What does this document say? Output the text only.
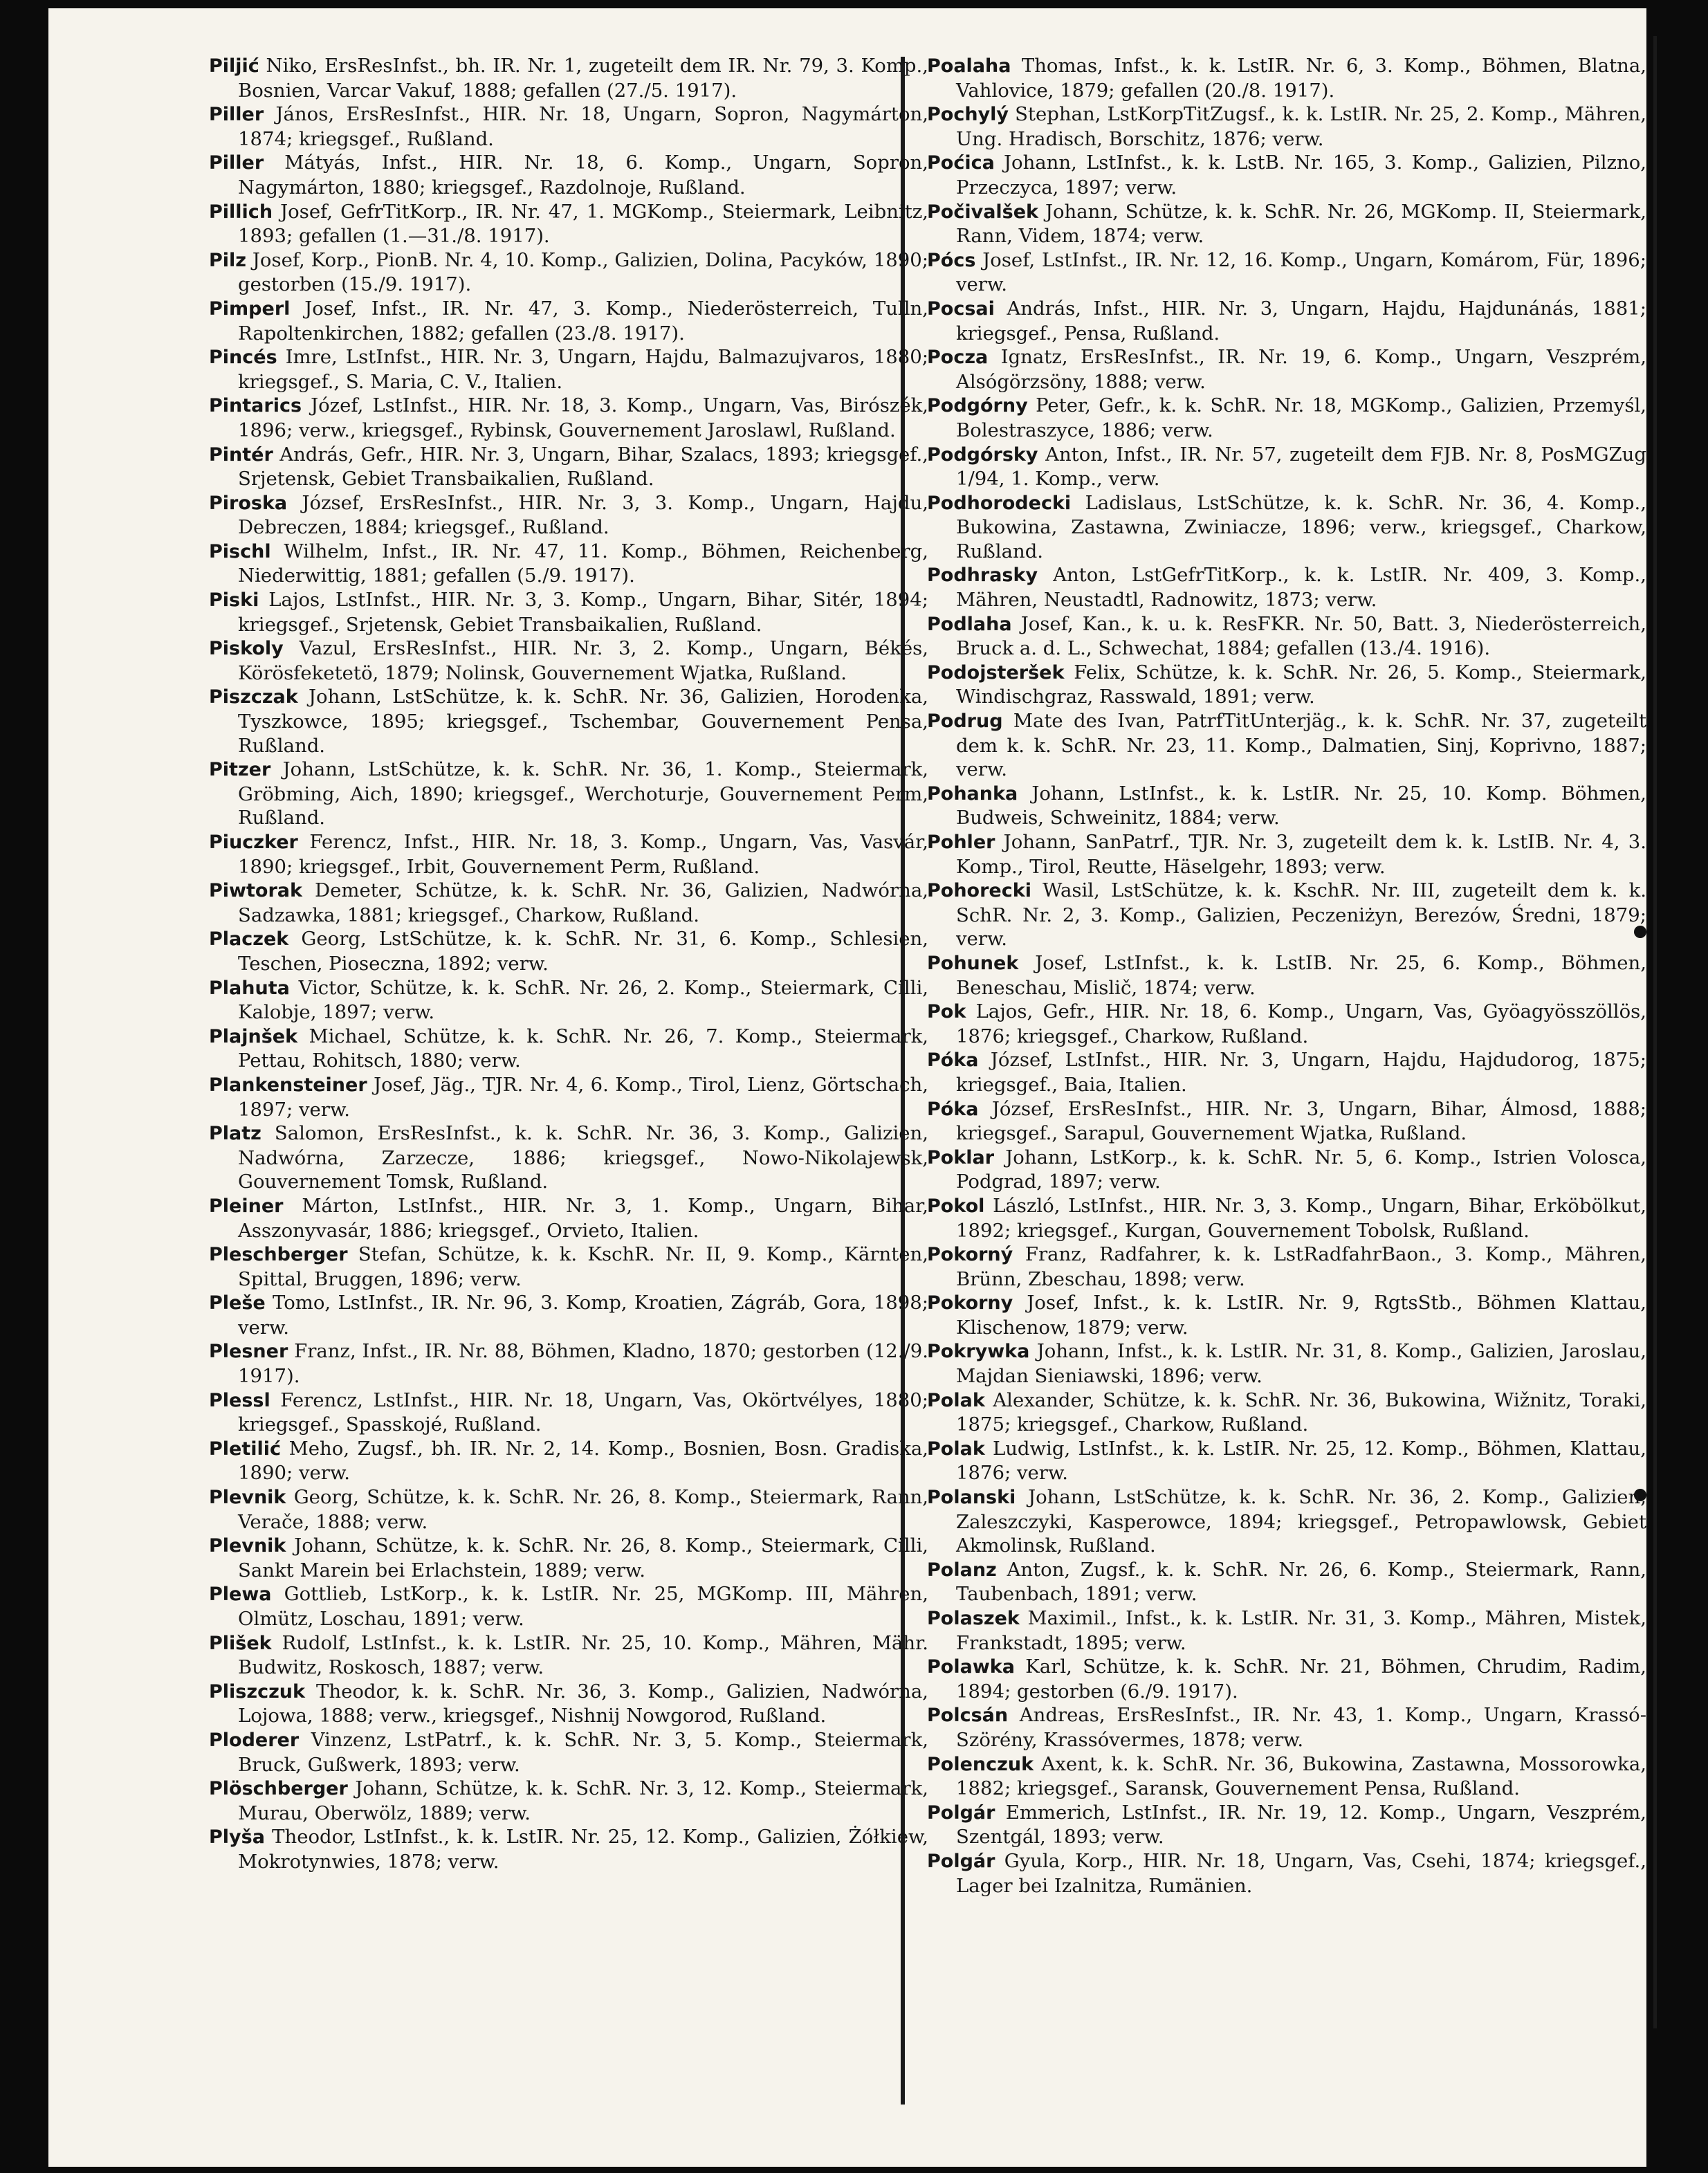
Piljić Niko, ErsResInfst., bh. IR. Nr. 1, zugeteilt dem IR. Nr. 79, 3. Komp., Bosnien, Varcar Vakuf, 1888; gefallen (27./5. 1917).

Piller János, ErsResInfst., HIR. Nr. 18, Ungarn, Sopron, Nagymárton, 1874; kriegsgef., Rußland.

Piller Mátyás, Infst., HIR. Nr. 18, 6. Komp., Ungarn, Sopron, Nagymárton, 1880; kriegsgef., Razdolnoje, Rußland.

Pillich Josef, GefrTitKorp., IR. Nr. 47, 1. MGKomp., Steiermark, Leibnitz, 1893; gefallen (1.—31./8. 1917).

Pilz Josef, Korp., PionB. Nr. 4, 10. Komp., Galizien, Dolina, Pacyków, 1890; gestorben (15./9. 1917).

Pimperl Josef, Infst., IR. Nr. 47, 3. Komp., Niederösterreich, Tulln, Rapoltenkirchen, 1882; gefallen (23./8. 1917).

Pincés Imre, LstInfst., HIR. Nr. 3, Ungarn, Hajdu, Balmazujvaros, 1880; kriegsgef., S. Maria, C. V., Italien.

Pintarics Józef, LstInfst., HIR. Nr. 18, 3. Komp., Ungarn, Vas, Birószék, 1896; verw., kriegsgef., Rybinsk, Gouvernement Jaroslawl, Rußland.

Pintér András, Gefr., HIR. Nr. 3, Ungarn, Bihar, Szalacs, 1893; kriegsgef., Srjetensk, Gebiet Transbaikalien, Rußland.

Piroska József, ErsResInfst., HIR. Nr. 3, 3. Komp., Ungarn, Hajdu, Debreczen, 1884; kriegsgef., Rußland.

Pischl Wilhelm, Infst., IR. Nr. 47, 11. Komp., Böhmen, Reichenberg, Niederwittig, 1881; gefallen (5./9. 1917).

Piski Lajos, LstInfst., HIR. Nr. 3, 3. Komp., Ungarn, Bihar, Sitér, 1894; kriegsgef., Srjetensk, Gebiet Transbaikalien, Rußland.

Piskoly Vazul, ErsResInfst., HIR. Nr. 3, 2. Komp., Ungarn, Békés, Körösfeketetö, 1879; Nolinsk, Gouvernement Wjatka, Rußland.

Piszczak Johann, LstSchütze, k. k. SchR. Nr. 36, Galizien, Horodenka, Tyszkowce, 1895; kriegsgef., Tschembar, Gouvernement Pensa, Rußland.

Pitzer Johann, LstSchütze, k. k. SchR. Nr. 36, 1. Komp., Steiermark, Gröbming, Aich, 1890; kriegsgef., Werchoturje, Gouvernement Perm, Rußland.

Piuczker Ferencz, Infst., HIR. Nr. 18, 3. Komp., Ungarn, Vas, Vasvár, 1890; kriegsgef., Irbit, Gouvernement Perm, Rußland.

Piwtorak Demeter, Schütze, k. k. SchR. Nr. 36, Galizien, Nadwórna, Sadzawka, 1881; kriegsgef., Charkow, Rußland.

Placzek Georg, LstSchütze, k. k. SchR. Nr. 31, 6. Komp., Schlesien, Teschen, Pioseczna, 1892; verw.

Plahuta Victor, Schütze, k. k. SchR. Nr. 26, 2. Komp., Steiermark, Cilli, Kalobje, 1897; verw.

Plajnšek Michael, Schütze, k. k. SchR. Nr. 26, 7. Komp., Steiermark, Pettau, Rohitsch, 1880; verw.

Plankensteiner Josef, Jäg., TJR. Nr. 4, 6. Komp., Tirol, Lienz, Görtschach, 1897; verw.

Platz Salomon, ErsResInfst., k. k. SchR. Nr. 36, 3. Komp., Galizien, Nadwórna, Zarzecze, 1886; kriegsgef., Nowo-Nikolajewsk, Gouvernement Tomsk, Rußland.

Pleiner Márton, LstInfst., HIR. Nr. 3, 1. Komp., Ungarn, Bihar, Asszonyvasár, 1886; kriegsgef., Orvieto, Italien.

Pleschberger Stefan, Schütze, k. k. KschR. Nr. II, 9. Komp., Kärnten, Spittal, Bruggen, 1896; verw.

Pleše Tomo, LstInfst., IR. Nr. 96, 3. Komp, Kroatien, Zágráb, Gora, 1898; verw.

Plesner Franz, Infst., IR. Nr. 88, Böhmen, Kladno, 1870; gestorben (12./9. 1917).

Plessl Ferencz, LstInfst., HIR. Nr. 18, Ungarn, Vas, Okörtvélyes, 1880; kriegsgef., Spasskojé, Rußland.

Pletilić Meho, Zugsf., bh. IR. Nr. 2, 14. Komp., Bosnien, Bosn. Gradiska, 1890; verw.

Plevnik Georg, Schütze, k. k. SchR. Nr. 26, 8. Komp., Steiermark, Rann, Verače, 1888; verw.

Plevnik Johann, Schütze, k. k. SchR. Nr. 26, 8. Komp., Steiermark, Cilli, Sankt Marein bei Erlachstein, 1889; verw.

Plewa Gottlieb, LstKorp., k. k. LstIR. Nr. 25, MGKomp. III, Mähren, Olmütz, Loschau, 1891; verw.

Plišek Rudolf, LstInfst., k. k. LstIR. Nr. 25, 10. Komp., Mähren, Mähr. Budwitz, Roskosch, 1887; verw.

Pliszczuk Theodor, k. k. SchR. Nr. 36, 3. Komp., Galizien, Nadwórna, Lojowa, 1888; verw., kriegsgef., Nishnij Nowgorod, Rußland.

Ploderer Vinzenz, LstPatrf., k. k. SchR. Nr. 3, 5. Komp., Steiermark, Bruck, Gußwerk, 1893; verw.

Plöschberger Johann, Schütze, k. k. SchR. Nr. 3, 12. Komp., Steiermark, Murau, Oberwölz, 1889; verw.

Plyša Theodor, LstInfst., k. k. LstIR. Nr. 25, 12. Komp., Galizien, Żółkiew, Mokrotynwies, 1878; verw.

Poalaha Thomas, Infst., k. k. LstIR. Nr. 6, 3. Komp., Böhmen, Blatna, Vahlovice, 1879; gefallen (20./8. 1917).

Pochylý Stephan, LstKorpTitZugsf., k. k. LstIR. Nr. 25, 2. Komp., Mähren, Ung. Hradisch, Borschitz, 1876; verw.

Poćica Johann, LstInfst., k. k. LstB. Nr. 165, 3. Komp., Galizien, Pilzno, Przeczyca, 1897; verw.

Počivalšek Johann, Schütze, k. k. SchR. Nr. 26, MGKomp. II, Steiermark, Rann, Videm, 1874; verw.

Pócs Josef, LstInfst., IR. Nr. 12, 16. Komp., Ungarn, Komárom, Für, 1896; verw.

Pocsai András, Infst., HIR. Nr. 3, Ungarn, Hajdu, Hajdunánás, 1881; kriegsgef., Pensa, Rußland.

Pocza Ignatz, ErsResInfst., IR. Nr. 19, 6. Komp., Ungarn, Veszprém, Alsógörzsöny, 1888; verw.

Podgórny Peter, Gefr., k. k. SchR. Nr. 18, MGKomp., Galizien, Przemyśl, Bolestraszyce, 1886; verw.

Podgórsky Anton, Infst., IR. Nr. 57, zugeteilt dem FJB. Nr. 8, PosMGZug 1/94, 1. Komp., verw.

Podhorodecki Ladislaus, LstSchütze, k. k. SchR. Nr. 36, 4. Komp., Bukowina, Zastawna, Zwiniacze, 1896; verw., kriegsgef., Charkow, Rußland.

Podhrasky Anton, LstGefrTitKorp., k. k. LstIR. Nr. 409, 3. Komp., Mähren, Neustadtl, Radnowitz, 1873; verw.

Podlaha Josef, Kan., k. u. k. ResFKR. Nr. 50, Batt. 3, Niederösterreich, Bruck a. d. L., Schwechat, 1884; gefallen (13./4. 1916).

Podojsteršek Felix, Schütze, k. k. SchR. Nr. 26, 5. Komp., Steiermark, Windischgraz, Rasswald, 1891; verw.

Podrug Mate des Ivan, PatrfTitUnterjäg., k. k. SchR. Nr. 37, zugeteilt dem k. k. SchR. Nr. 23, 11. Komp., Dalmatien, Sinj, Koprivno, 1887; verw.

Pohanka Johann, LstInfst., k. k. LstIR. Nr. 25, 10. Komp. Böhmen, Budweis, Schweinitz, 1884; verw.

Pohler Johann, SanPatrf., TJR. Nr. 3, zugeteilt dem k. k. LstIB. Nr. 4, 3. Komp., Tirol, Reutte, Häselgehr, 1893; verw.

Pohorecki Wasil, LstSchütze, k. k. KschR. Nr. III, zugeteilt dem k. k. SchR. Nr. 2, 3. Komp., Galizien, Peczeniżyn, Berezów, Średni, 1879; verw.

Pohunek Josef, LstInfst., k. k. LstIB. Nr. 25, 6. Komp., Böhmen, Beneschau, Mislič, 1874; verw.

Pok Lajos, Gefr., HIR. Nr. 18, 6. Komp., Ungarn, Vas, Gyöagyösszöllös, 1876; kriegsgef., Charkow, Rußland.

Póka József, LstInfst., HIR. Nr. 3, Ungarn, Hajdu, Hajdudorog, 1875; kriegsgef., Baia, Italien.

Póka József, ErsResInfst., HIR. Nr. 3, Ungarn, Bihar, Álmosd, 1888; kriegsgef., Sarapul, Gouvernement Wjatka, Rußland.

Poklar Johann, LstKorp., k. k. SchR. Nr. 5, 6. Komp., Istrien Volosca, Podgrad, 1897; verw.

Pokol László, LstInfst., HIR. Nr. 3, 3. Komp., Ungarn, Bihar, Erköbölkut, 1892; kriegsgef., Kurgan, Gouvernement Tobolsk, Rußland.

Pokorný Franz, Radfahrer, k. k. LstRadfahrBaon., 3. Komp., Mähren, Brünn, Zbeschau, 1898; verw.

Pokorny Josef, Infst., k. k. LstIR. Nr. 9, RgtsStb., Böhmen Klattau, Klischenow, 1879; verw.

Pokrywka Johann, Infst., k. k. LstIR. Nr. 31, 8. Komp., Galizien, Jaroslau, Majdan Sieniawski, 1896; verw.

Polak Alexander, Schütze, k. k. SchR. Nr. 36, Bukowina, Wižnitz, Toraki, 1875; kriegsgef., Charkow, Rußland.

Polak Ludwig, LstInfst., k. k. LstIR. Nr. 25, 12. Komp., Böhmen, Klattau, 1876; verw.

Polanski Johann, LstSchütze, k. k. SchR. Nr. 36, 2. Komp., Galizien, Zaleszczyki, Kasperowce, 1894; kriegsgef., Petropawlowsk, Gebiet Akmolinsk, Rußland.

Polanz Anton, Zugsf., k. k. SchR. Nr. 26, 6. Komp., Steiermark, Rann, Taubenbach, 1891; verw.

Polaszek Maximil., Infst., k. k. LstIR. Nr. 31, 3. Komp., Mähren, Mistek, Frankstadt, 1895; verw.

Polawka Karl, Schütze, k. k. SchR. Nr. 21, Böhmen, Chrudim, Radim, 1894; gestorben (6./9. 1917).

Polcsán Andreas, ErsResInfst., IR. Nr. 43, 1. Komp., Ungarn, Krassó-Szörény, Krassóvermes, 1878; verw.

Polenczuk Axent, k. k. SchR. Nr. 36, Bukowina, Zastawna, Mossorowka, 1882; kriegsgef., Saransk, Gouvernement Pensa, Rußland.

Polgár Emmerich, LstInfst., IR. Nr. 19, 12. Komp., Ungarn, Veszprém, Szentgál, 1893; verw.

Polgár Gyula, Korp., HIR. Nr. 18, Ungarn, Vas, Csehi, 1874; kriegsgef., Lager bei Izalnitza, Rumänien.
